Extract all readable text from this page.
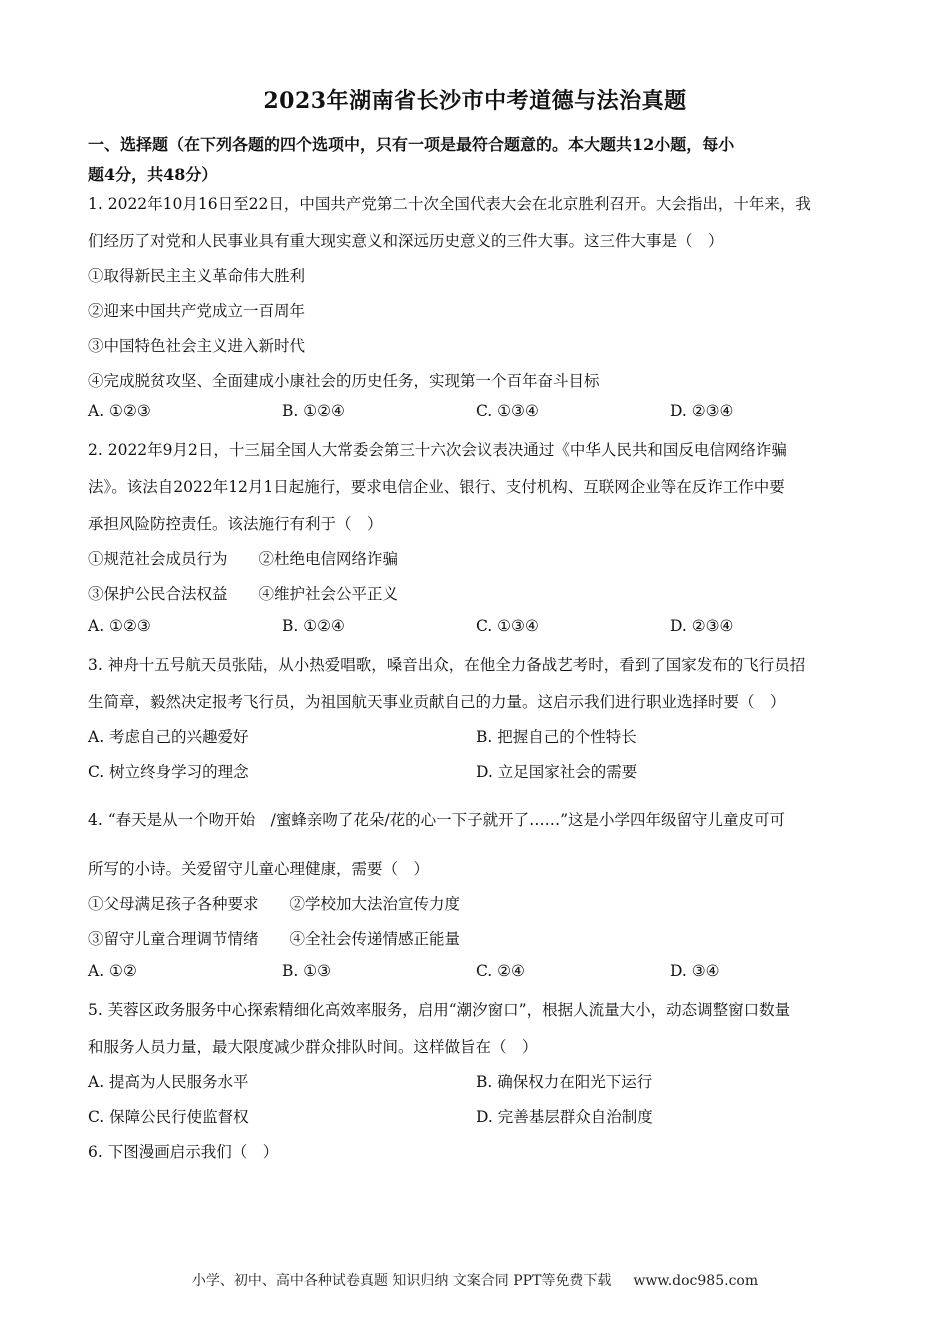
2023年湖南省长沙市中考道德与法治真题
一、选择题（在下列各题的四个选项中，只有一项是最符合题意的。本大题共12小题，每小
题4分，共48分）
1. 2022年10月16日至22日，中国共产党第二十次全国代表大会在北京胜利召开。大会指出，十年来，我
们经历了对党和人民事业具有重大现实意义和深远历史意义的三件大事。这三件大事是（　）
①取得新民主主义革命伟大胜利
②迎来中国共产党成立一百周年
③中国特色社会主义进入新时代
④完成脱贫攻坚、全面建成小康社会的历史任务，实现第一个百年奋斗目标
A. ①②③	B. ①②④	C. ①③④	D. ②③④
2. 2022年9月2日，十三届全国人大常委会第三十六次会议表决通过《中华人民共和国反电信网络诈骗
法》。该法自2022年12月1日起施行，要求电信企业、银行、支付机构、互联网企业等在反诈工作中要
承担风险防控责任。该法施行有利于（　）
①规范社会成员行为　　②杜绝电信网络诈骗
③保护公民合法权益　　④维护社会公平正义
A. ①②③	B. ①②④	C. ①③④	D. ②③④
3. 神舟十五号航天员张陆，从小热爱唱歌，嗓音出众，在他全力备战艺考时，看到了国家发布的飞行员招
生简章，毅然决定报考飞行员，为祖国航天事业贡献自己的力量。这启示我们进行职业选择时要（　）
A. 考虑自己的兴趣爱好	B. 把握自己的个性特长
C. 树立终身学习的理念	D. 立足国家社会的需要
4. “春天是从一个吻开始　/蜜蜂亲吻了花朵/花的心一下子就开了……”这是小学四年级留守儿童皮可可
所写的小诗。关爱留守儿童心理健康，需要（　）
①父母满足孩子各种要求　　②学校加大法治宣传力度
③留守儿童合理调节情绪　　④全社会传递情感正能量
A. ①②	B. ①③	C. ②④	D. ③④
5. 芙蓉区政务服务中心探索精细化高效率服务，启用“潮汐窗口”，根据人流量大小，动态调整窗口数量
和服务人员力量，最大限度减少群众排队时间。这样做旨在（　）
A. 提高为人民服务水平	B. 确保权力在阳光下运行
C. 保障公民行使监督权	D. 完善基层群众自治制度
6. 下图漫画启示我们（　）
小学、初中、高中各种试卷真题 知识归纳 文案合同 PPT等免费下载 www.doc985.com
